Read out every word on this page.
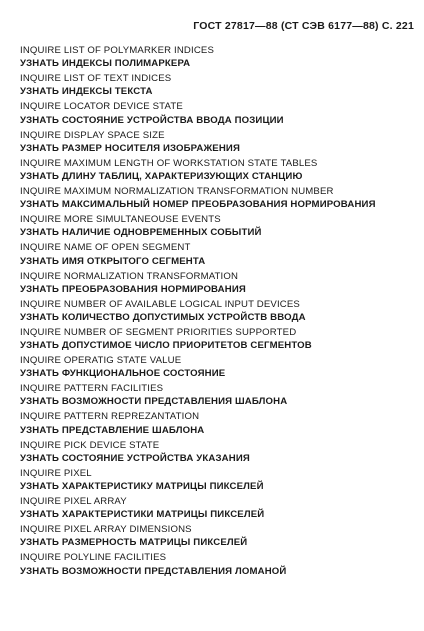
ГОСТ 27817—88 (СТ СЭВ 6177—88) С. 221
INQUIRE LIST OF POLYMARKER INDICES
УЗНАТЬ ИНДЕКСЫ ПОЛИМАРКЕРА
INQUIRE LIST OF TEXT INDICES
УЗНАТЬ ИНДЕКСЫ ТЕКСТА
INQUIRE LOCATOR DEVICE STATE
УЗНАТЬ СОСТОЯНИЕ УСТРОЙСТВА ВВОДА ПОЗИЦИИ
INQUIRE DISPLAY SPACE SIZE
УЗНАТЬ РАЗМЕР НОСИТЕЛЯ ИЗОБРАЖЕНИЯ
INQUIRE MAXIMUM LENGTH OF WORKSTATION STATE TABLES
УЗНАТЬ ДЛИНУ ТАБЛИЦ, ХАРАКТЕРИЗУЮЩИХ СТАНЦИЮ
INQUIRE MAXIMUM NORMALIZATION TRANSFORMATION NUMBER
УЗНАТЬ МАКСИМАЛЬНЫЙ НОМЕР ПРЕОБРАЗОВАНИЯ НОРМИРОВАНИЯ
INQUIRE MORE SIMULTANEOUSE EVENTS
УЗНАТЬ НАЛИЧИЕ ОДНОВРЕМЕННЫХ СОБЫТИЙ
INQUIRE NAME OF OPEN SEGMENT
УЗНАТЬ ИМЯ ОТКРЫТОГО СЕГМЕНТА
INQUIRE NORMALIZATION TRANSFORMATION
УЗНАТЬ ПРЕОБРАЗОВАНИЯ НОРМИРОВАНИЯ
INQUIRE NUMBER OF AVAILABLE LOGICAL INPUT DEVICES
УЗНАТЬ КОЛИЧЕСТВО ДОПУСТИМЫХ УСТРОЙСТВ ВВОДА
INQUIRE NUMBER OF SEGMENT PRIORITIES SUPPORTED
УЗНАТЬ ДОПУСТИМОЕ ЧИСЛО ПРИОРИТЕТОВ СЕГМЕНТОВ
INQUIRE OPERATIG STATE VALUE
УЗНАТЬ ФУНКЦИОНАЛЬНОЕ СОСТОЯНИЕ
INQUIRE PATTERN FACILITIES
УЗНАТЬ ВОЗМОЖНОСТИ ПРЕДСТАВЛЕНИЯ ШАБЛОНА
INQUIRE PATTERN REPREZANTATION
УЗНАТЬ ПРЕДСТАВЛЕНИЕ ШАБЛОНА
INQUIRE PICK DEVICE STATE
УЗНАТЬ СОСТОЯНИЕ УСТРОЙСТВА УКАЗАНИЯ
INQUIRE PIXEL
УЗНАТЬ ХАРАКТЕРИСТИКУ МАТРИЦЫ ПИКСЕЛЕЙ
INQUIRE PIXEL ARRAY
УЗНАТЬ ХАРАКТЕРИСТИКИ МАТРИЦЫ ПИКСЕЛЕЙ
INQUIRE PIXEL ARRAY DIMENSIONS
УЗНАТЬ РАЗМЕРНОСТЬ МАТРИЦЫ ПИКСЕЛЕЙ
INQUIRE POLYLINE FACILITIES
УЗНАТЬ ВОЗМОЖНОСТИ ПРЕДСТАВЛЕНИЯ ЛОМАНОЙ
